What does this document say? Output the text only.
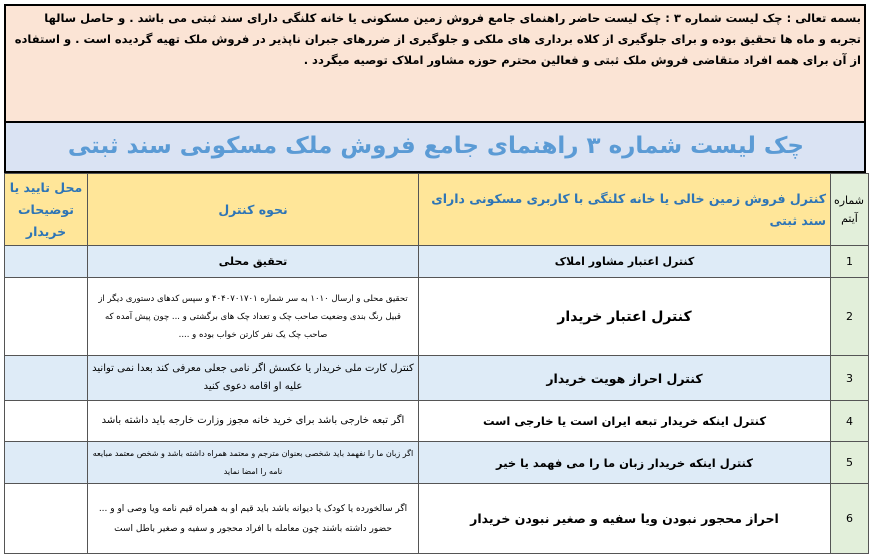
بسمه تعالی : چک لیست شماره ۳ : چک لیست حاضر راهنمای جامع فروش زمین مسکونی یا خانه کلنگی دارای سند ثبتی می باشد . و حاصل سالها تجربه و ماه ها تحقیق بوده و برای جلوگیری از کلاه برداری های ملکی و جلوگیری از ضررهای جبران ناپذیر در فروش ملک تهیه گردیده است . و استفاده از آن برای همه افراد متقاضی فروش ملک ثبتی و فعالین محترم حوزه مشاور املاک توصیه میگردد .
چک لیست شماره ۳ راهنمای جامع فروش ملک مسکونی سند ثبتی
شماره آیتم	کنترل فروش زمین خالی یا خانه کلنگی با کاربری مسکونی دارای سند ثبتی	نحوه کنترل	محل تایید یا توضیحات خریدار
1	کنترل اعتبار مشاور املاک	تحقیق محلی	
2	کنترل اعتبار خریدار	تحقیق محلی و ارسال ۱۰۱۰ به سر شماره ۴۰۴۰۷۰۱۷۰۱ و سپس کدهای دستوری دیگر از قبیل رنگ بندی وضعیت صاحب چک و تعداد چک های برگشتی و ... چون پیش آمده که صاحب چک یک نفر کارتن خواب بوده و ....	
3	کنترل احراز هویت خریدار	کنترل کارت ملی خریدار یا عکسش اگر نامی جعلی معرفی کند بعدا نمی توانید علیه او اقامه دعوی کنید	
4	کنترل اینکه خریدار تبعه ایران است یا خارجی است	اگر تبعه خارجی باشد برای خرید خانه مجوز وزارت خارجه باید داشته باشد	
5	کنترل اینکه خریدار زبان ما را می فهمد یا خیر	اگر زبان ما را نفهمد باید شخصی بعنوان مترجم و معتمد همراه داشته باشد و شخص معتمد مبایعه نامه را امضا نماید	
6	احراز محجور نبودن ویا سفیه و صغیر نبودن خریدار	اگر سالخورده یا کودک یا دیوانه باشد باید قیم او به همراه قیم نامه ویا وصی او و ... حضور داشته باشند چون معامله با افراد محجور و سفیه و صغیر باطل است	
